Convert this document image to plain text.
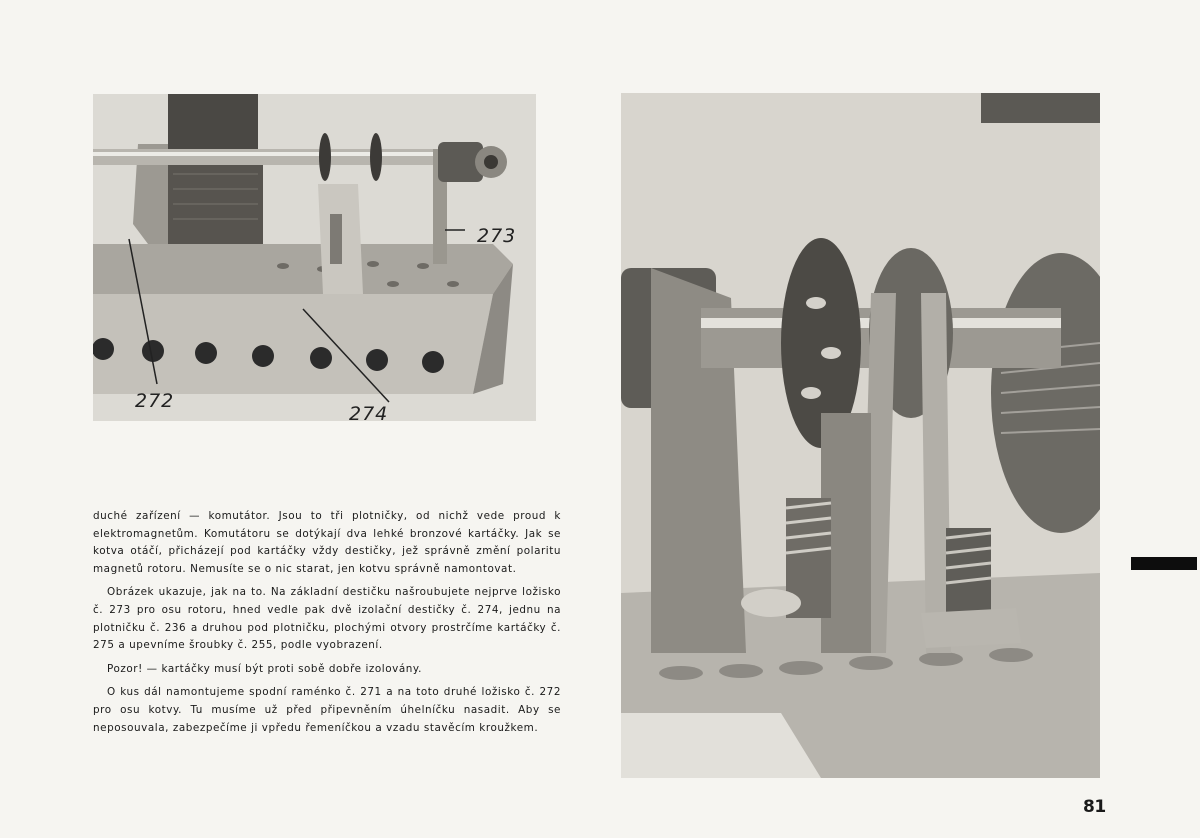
273
272
274

duché zařízení — komutátor. Jsou to tři plotničky, od nichž vede proud k elektromagnetům. Komutátoru se dotýkají dva lehké bronzové kartáčky. Jak se kotva otáčí, přicházejí pod kartáčky vždy destičky, jež správně změní polaritu magnetů rotoru. Nemusíte se o nic starat, jen kotvu správně namontovat.

Obrázek ukazuje, jak na to. Na základní destičku našroubujete nejprve ložisko č. 273 pro osu rotoru, hned vedle pak dvě izolační destičky č. 274, jednu na plotničku č. 236 a druhou pod plotničku, plochými otvory prostrčíme kartáčky č. 275 a upevníme šroubky č. 255, podle vyobrazení.

Pozor! — kartáčky musí být proti sobě dobře izolovány.

O kus dál namontujeme spodní raménko č. 271 a na toto druhé ložisko č. 272 pro osu kotvy. Tu musíme už před připevněním úhelníčku nasadit. Aby se neposouvala, zabezpečíme ji vpředu řemeníčkou a vzadu stavěcím kroužkem.

81
